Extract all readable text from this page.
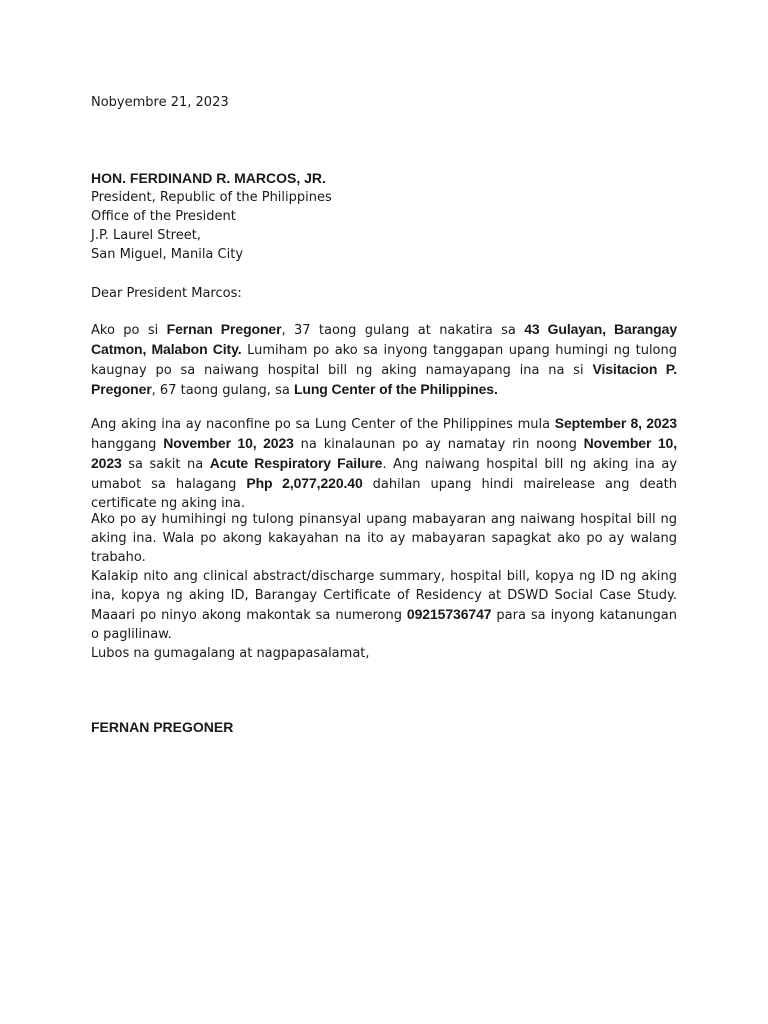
Nobyembre 21, 2023
HON. FERDINAND R. MARCOS, JR.
President, Republic of the Philippines
Office of the President
J.P. Laurel Street,
San Miguel, Manila City
Dear President Marcos:
Ako po si Fernan Pregoner, 37 taong gulang at nakatira sa 43 Gulayan, Barangay Catmon, Malabon City. Lumiham po ako sa inyong tanggapan upang humingi ng tulong kaugnay po sa naiwang hospital bill ng aking namayapang ina na si Visitacion P. Pregoner, 67 taong gulang, sa Lung Center of the Philippines.
Ang aking ina ay naconfine po sa Lung Center of the Philippines mula September 8, 2023 hanggang November 10, 2023 na kinalaunan po ay namatay rin noong November 10, 2023 sa sakit na Acute Respiratory Failure. Ang naiwang hospital bill ng aking ina ay umabot sa halagang Php 2,077,220.40 dahilan upang hindi mairelease ang death certificate ng aking ina.
Ako po ay humihingi ng tulong pinansyal upang mabayaran ang naiwang hospital bill ng aking ina. Wala po akong kakayahan na ito ay mabayaran sapagkat ako po ay walang trabaho.
Kalakip nito ang clinical abstract/discharge summary, hospital bill, kopya ng ID ng aking ina, kopya ng aking ID, Barangay Certificate of Residency at DSWD Social Case Study. Maaari po ninyo akong makontak sa numerong 09215736747 para sa inyong katanungan o paglilinaw.
Lubos na gumagalang at nagpapasalamat,
FERNAN PREGONER
